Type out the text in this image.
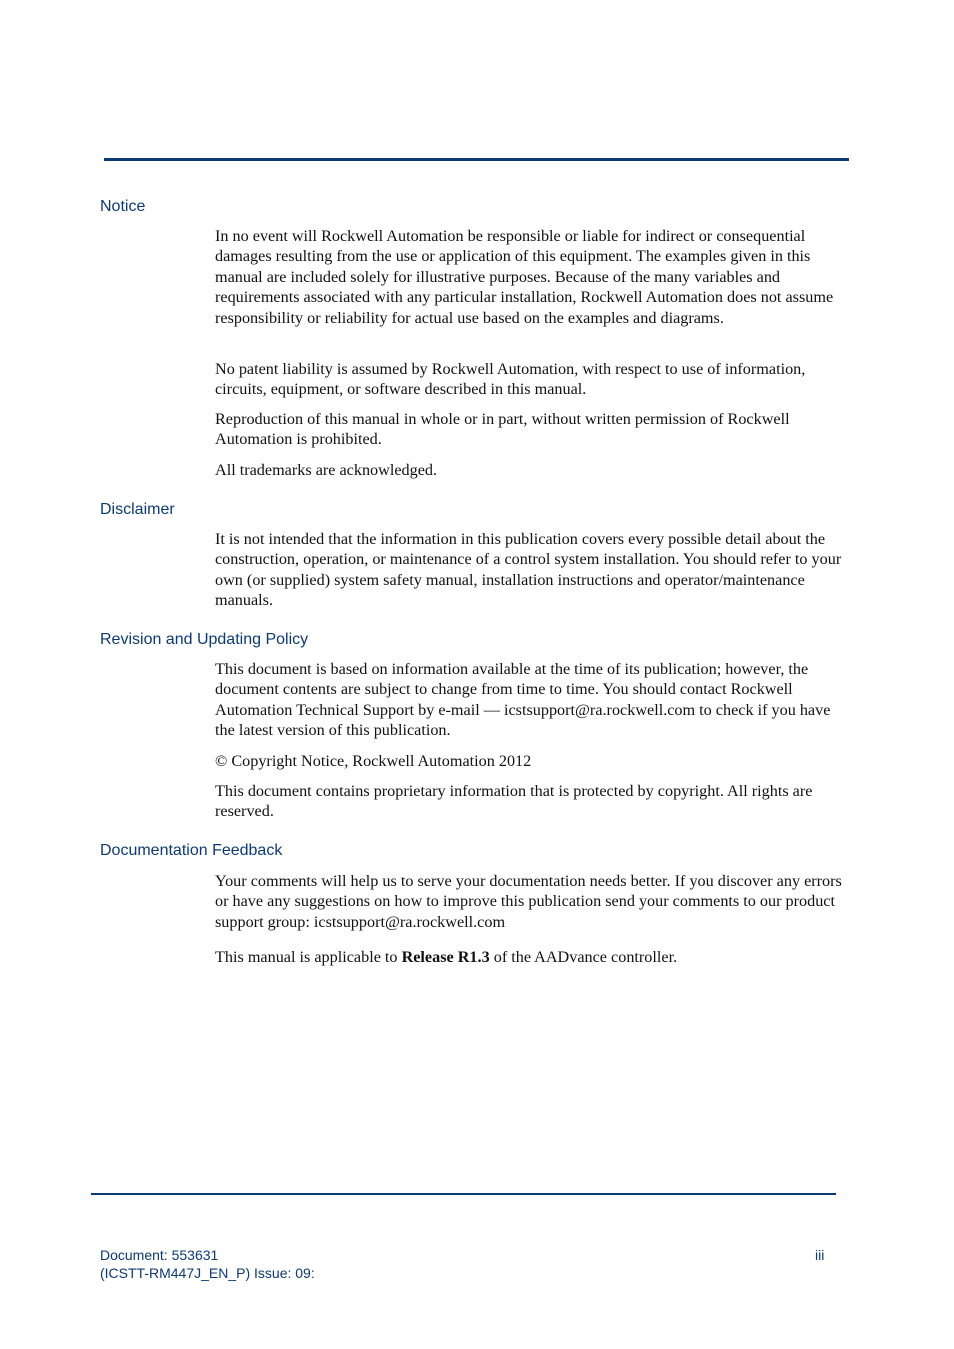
Notice

In no event will Rockwell Automation be responsible or liable for indirect or consequential damages resulting from the use or application of this equipment. The examples given in this manual are included solely for illustrative purposes. Because of the many variables and requirements associated with any particular installation, Rockwell Automation does not assume responsibility or reliability for actual use based on the examples and diagrams.

No patent liability is assumed by Rockwell Automation, with respect to use of information, circuits, equipment, or software described in this manual.

Reproduction of this manual in whole or in part, without written permission of Rockwell Automation is prohibited.

All trademarks are acknowledged.

Disclaimer

It is not intended that the information in this publication covers every possible detail about the construction, operation, or maintenance of a control system installation. You should refer to your own (or supplied) system safety manual, installation instructions and operator/maintenance manuals.

Revision and Updating Policy

This document is based on information available at the time of its publication; however, the document contents are subject to change from time to time. You should contact Rockwell Automation Technical Support by e-mail — icstsupport@ra.rockwell.com to check if you have the latest version of this publication.

© Copyright Notice, Rockwell Automation 2012

This document contains proprietary information that is protected by copyright. All rights are reserved.

Documentation Feedback

Your comments will help us to serve your documentation needs better. If you discover any errors or have any suggestions on how to improve this publication send your comments to our product support group: icstsupport@ra.rockwell.com

This manual is applicable to Release R1.3 of the AADvance controller.

Document: 553631
(ICSTT-RM447J_EN_P) Issue: 09:
iii
